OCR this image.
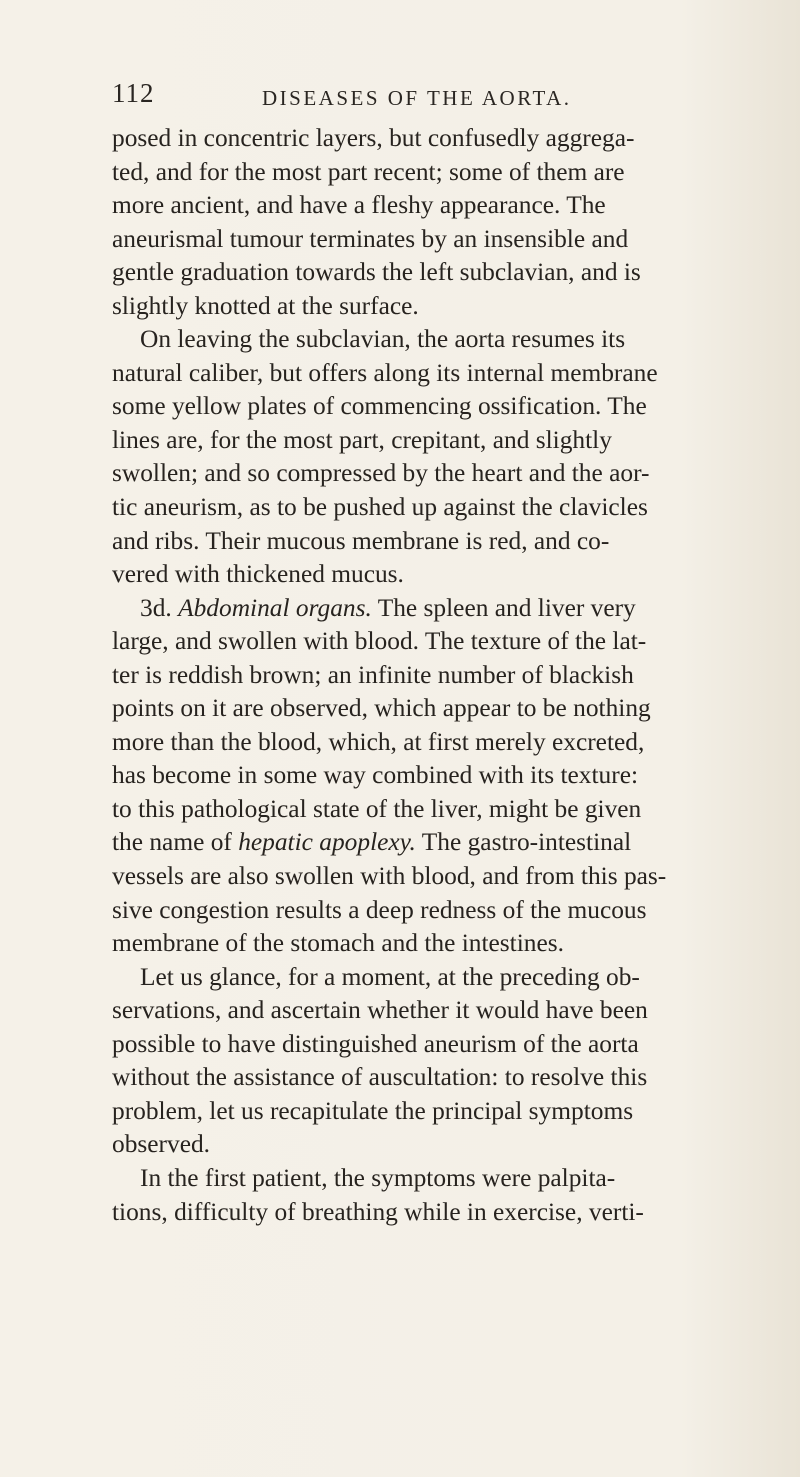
112	DISEASES OF THE AORTA.
posed in concentric layers, but confusedly aggrega-
ted, and for the most part recent; some of them are
more ancient, and have a fleshy appearance. The
aneurismal tumour terminates by an insensible and
gentle graduation towards the left subclavian, and is
slightly knotted at the surface.
On leaving the subclavian, the aorta resumes its
natural caliber, but offers along its internal membrane
some yellow plates of commencing ossification. The
lines are, for the most part, crepitant, and slightly
swollen; and so compressed by the heart and the aor-
tic aneurism, as to be pushed up against the clavicles
and ribs. Their mucous membrane is red, and co-
vered with thickened mucus.
3d. Abdominal organs. The spleen and liver very
large, and swollen with blood. The texture of the lat-
ter is reddish brown; an infinite number of blackish
points on it are observed, which appear to be nothing
more than the blood, which, at first merely excreted,
has become in some way combined with its texture:
to this pathological state of the liver, might be given
the name of hepatic apoplexy. The gastro-intestinal
vessels are also swollen with blood, and from this pas-
sive congestion results a deep redness of the mucous
membrane of the stomach and the intestines.
Let us glance, for a moment, at the preceding ob-
servations, and ascertain whether it would have been
possible to have distinguished aneurism of the aorta
without the assistance of auscultation: to resolve this
problem, let us recapitulate the principal symptoms
observed.
In the first patient, the symptoms were palpita-
tions, difficulty of breathing while in exercise, verti-
